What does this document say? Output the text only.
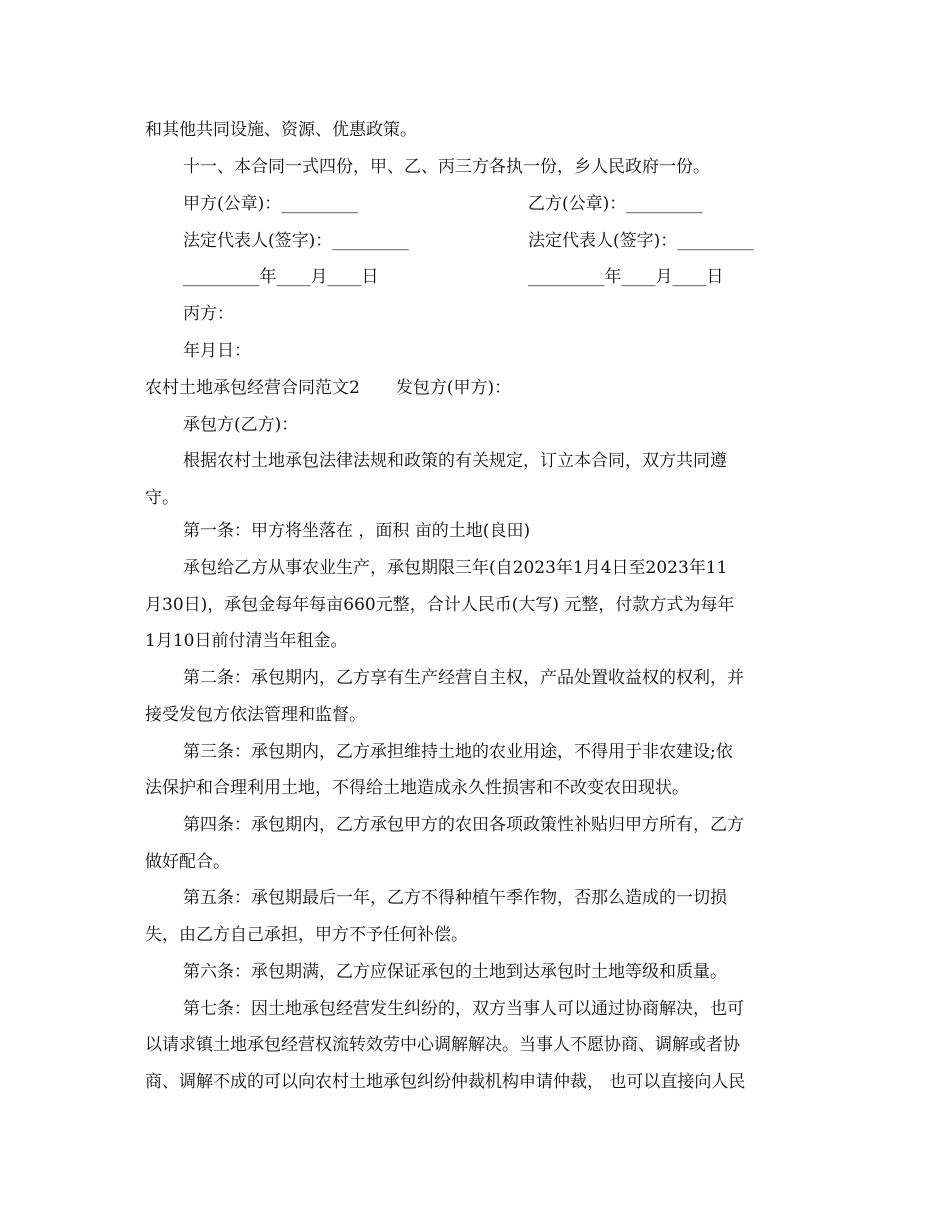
和其他共同设施、资源、优惠政策。
十一、本合同一式四份，甲、乙、丙三方各执一份，乡人民政府一份。
甲方(公章)：_________	乙方(公章)：_________
法定代表人(签字)：_________	法定代表人(签字)：_________
_________年____月____日	_________年____月____日
丙方：
年月日：
农村土地承包经营合同范文2 发包方(甲方)：
承包方(乙方)：
根据农村土地承包法律法规和政策的有关规定，订立本合同，双方共同遵
守。
第一条：甲方将坐落在 ，面积 亩的土地(良田)
承包给乙方从事农业生产，承包期限三年(自2023年1月4日至2023年11
月30日)，承包金每年每亩660元整，合计人民币(大写) 元整，付款方式为每年
1月10日前付清当年租金。
第二条：承包期内，乙方享有生产经营自主权，产品处置收益权的权利，并
接受发包方依法管理和监督。
第三条：承包期内，乙方承担维持土地的农业用途，不得用于非农建设;依
法保护和合理利用土地，不得给土地造成永久性损害和不改变农田现状。
第四条：承包期内，乙方承包甲方的农田各项政策性补贴归甲方所有，乙方
做好配合。
第五条：承包期最后一年，乙方不得种植午季作物，否那么造成的一切损
失，由乙方自己承担，甲方不予任何补偿。
第六条：承包期满，乙方应保证承包的土地到达承包时土地等级和质量。
第七条：因土地承包经营发生纠纷的，双方当事人可以通过协商解决，也可
以请求镇土地承包经营权流转效劳中心调解解决。当事人不愿协商、调解或者协
商、调解不成的可以向农村土地承包纠纷仲裁机构申请仲裁， 也可以直接向人民
